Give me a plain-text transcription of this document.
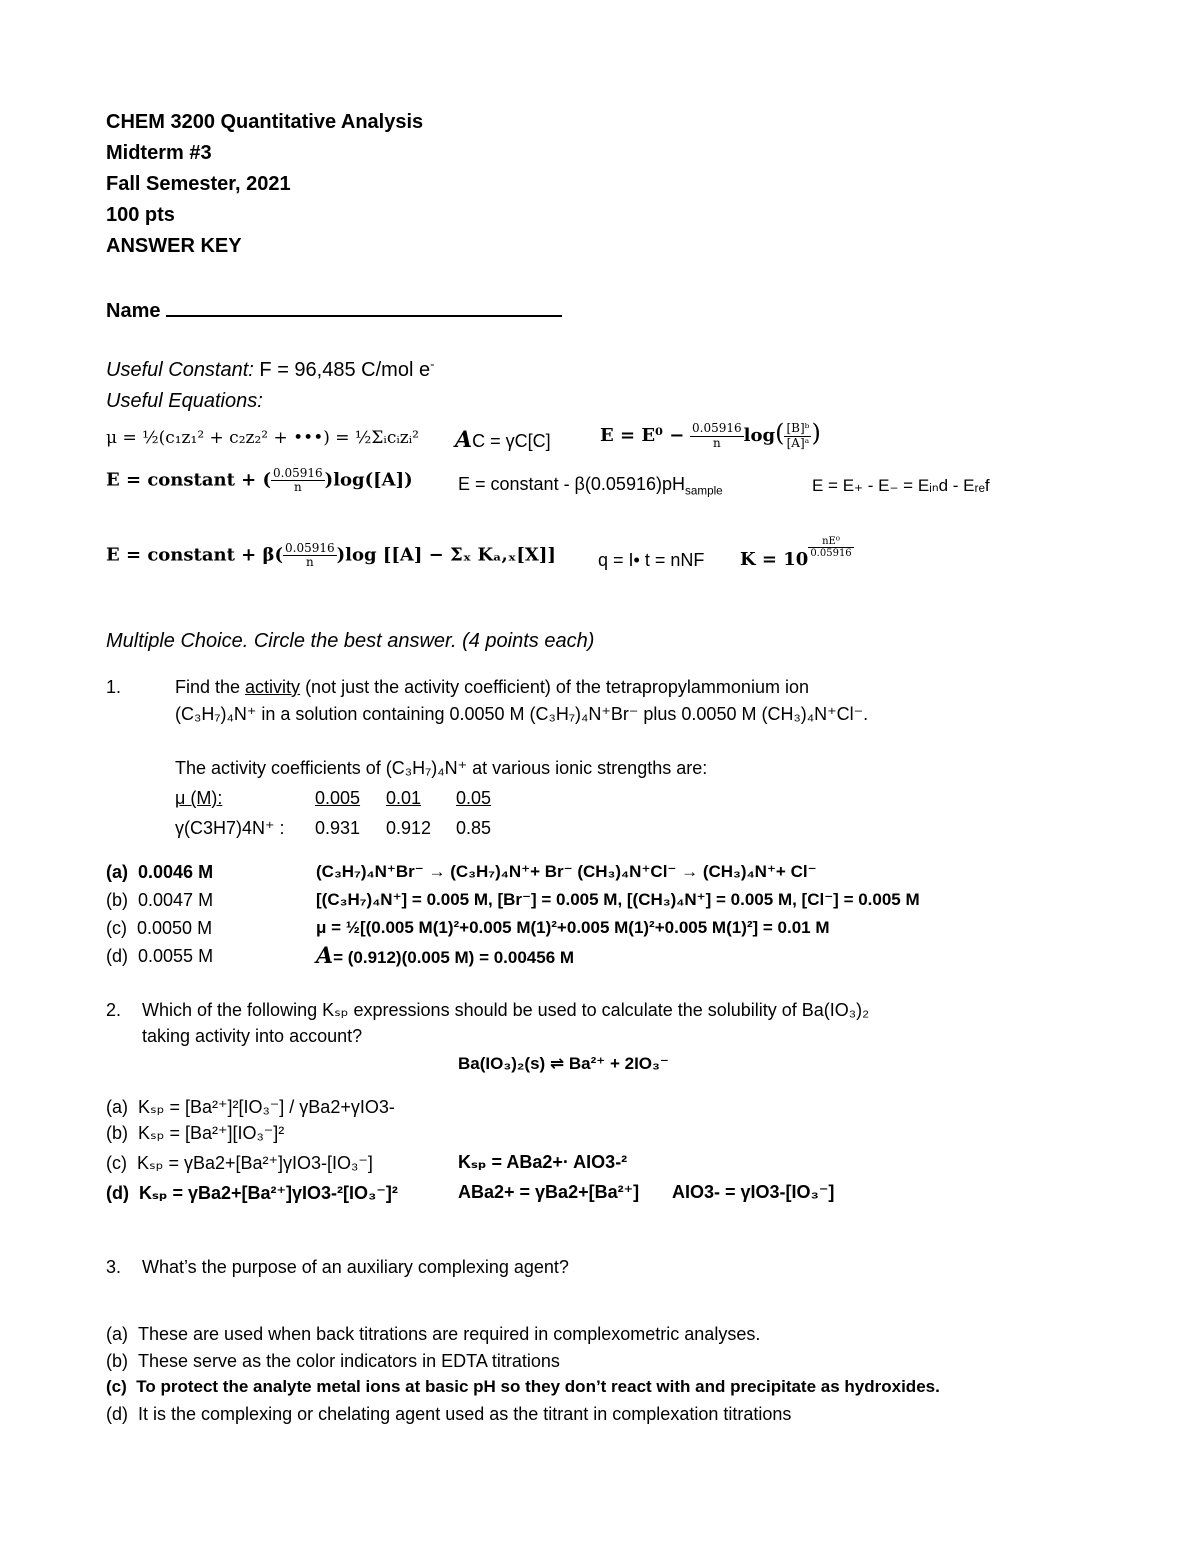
CHEM 3200 Quantitative Analysis
Midterm #3
Fall Semester, 2021
100 pts
ANSWER KEY
Name
Useful Constant: F = 96,485 C/mol e-
Useful Equations:
μ = ½(c₁z₁² + c₂z₂² + •••) = ½Σᵢcᵢzᵢ² AC = γC[C]	$E = E^0 - \frac{0.05916}{n} \log( \frac{\text{[B]ᵇ}}{\text{[A]ᵃ}}$ )
E = constant + ( $\frac{0.05916}{n} )\log([A])$	E = constant - $\beta(0.05916)pH_{sample}$	E = E₊ - E₋ = Eᵢₙd - Eᵣₑf
E = constant + $\beta( \frac{0.05916}{n} )\log$ [[A] − Σₓ Kₐ,ₓ[X]] q = I• t = nNF K = 10
$\frac{\text{nE⁰}}{0.05916}$
Multiple Choice. Circle the best answer. (4 points each)
1.	Find the activity (not just the activity coefficient) of the tetrapropylammonium ion
(C₃H₇)₄N⁺ in a solution containing 0.0050 M (C₃H₇)₄N⁺Br⁻ plus 0.0050 M (CH₃)₄N⁺Cl⁻.
The activity coefficients of (C₃H₇)₄N⁺ at various ionic strengths are:
μ (M):	0.005 0.01 0.05
γ(C3H7)4N⁺ : 0.931 0.912 0.85
(a) 0.0046 M
(b) 0.0047 M
(c) 0.0050 M
(d) 0.0055 M
(C₃H₇)₄N⁺Br⁻ → (C₃H₇)₄N⁺+ Br⁻ (CH₃)₄N⁺Cl⁻ → (CH₃)₄N⁺+ Cl⁻
[(C₃H₇)₄N⁺] = 0.005 M, [Br⁻] = 0.005 M, [(CH₃)₄N⁺] = 0.005 M, [Cl⁻] = 0.005 M
μ = ½[(0.005 M(1)²+0.005 M(1)²+0.005 M(1)²+0.005 M(1)²] = 0.01 M
A= (0.912)(0.005 M) = 0.00456 M
2. Which of the following Kₛₚ expressions should be used to calculate the solubility of Ba(IO₃)₂
taking activity into account?
Ba(IO₃)₂(s) ⇌ Ba²⁺ + 2IO₃⁻
(a) Kₛₚ = [Ba²⁺]²[IO₃⁻] / γBa2+γIO3-
(b) Kₛₚ = [Ba²⁺][IO₃⁻]²
(c) Kₛₚ = γBa2+[Ba²⁺]γIO3-[IO₃⁻]
(d) Kₛₚ = γBa2+[Ba²⁺]γIO3-²[IO₃⁻]²
Kₛₚ = ABa2+· AIO3-²
ABa2+ = γBa2+[Ba²⁺] AIO3- = γIO3-[IO₃⁻]
3. What’s the purpose of an auxiliary complexing agent?
(a) These are used when back titrations are required in complexometric analyses.
(b) These serve as the color indicators in EDTA titrations
(c) To protect the analyte metal ions at basic pH so they don’t react with and precipitate as hydroxides.
(d) It is the complexing or chelating agent used as the titrant in complexation titrations
